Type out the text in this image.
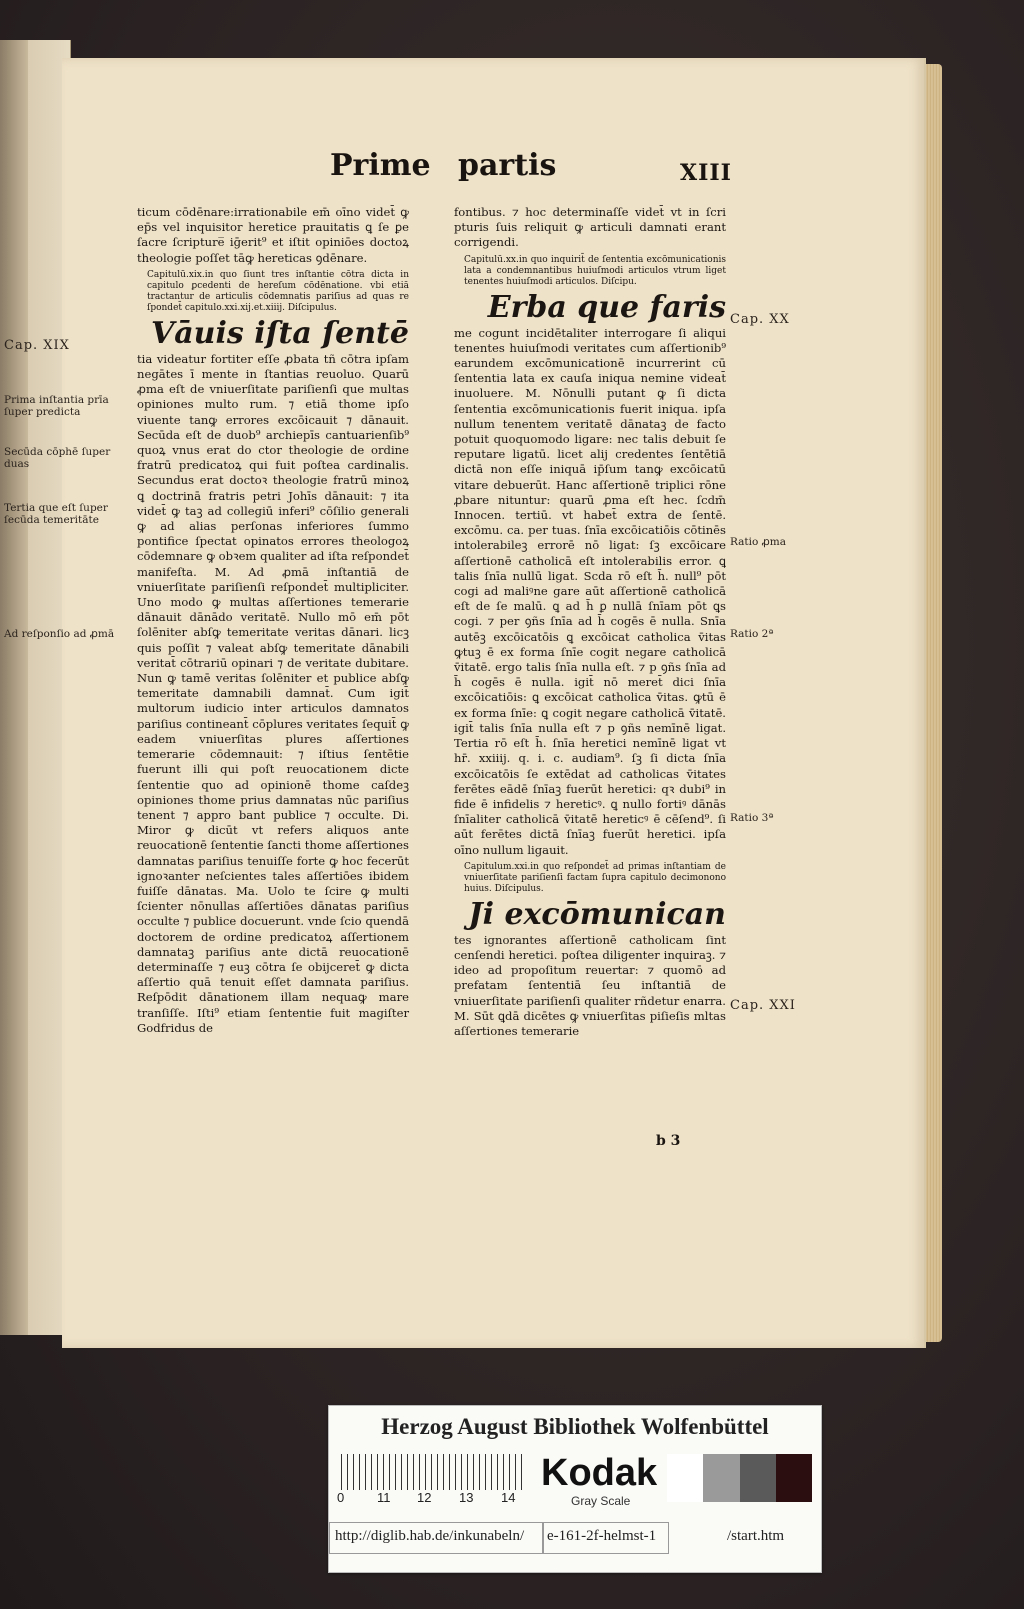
Prime partis	XIII

ticum cōdēnare:irrationabile em̄ oīno videt̄ ꝙ ep̄s vel inquisitor heretice prauitatis ꝗ ſe ꝑe ſacre ſcripture̅ iḡerit⁹ et iſtit opiniōes doctoꝝ theologie poſſet tāꝙ hereticas ꝯdēnare.

Capitulū.xix.in quo ſiunt tres inſtantie cōtra dicta in capitulo ꝑcedenti de hereſum cōdēnatione. vbi etiā tractantur de articulis cōdemnatis pariſius ad quas re ſpondet̄ capitulo.xxi.xij.et.xiiij. Diſcipulus.

Vāuis iſta ſentē

tia videatur fortiter eſſe ꝓbata tñ cōtra ipſam negātes ī mente in ſtantias reuoluo. Quarū ꝓma eſt de vniuerſitate pariſienſi que multas opiniones multo rum. ⁊ etiā thome ipſo viuente tanꝙ errores excōicauit ⁊ dānauit. Secūda eſt de duob⁹ archiepīs cantuarienſib⁹ quoꝝ vnus erat do ctor theologie de ordine fratrū predicatoꝝ qui fuit poſtea cardinalis. Secundus erat doctoꝛ theologie fratrū minoꝝ ꝗ doctrinā fratris petri Johīs dānauit: ⁊ ita videt̄ ꝙ taꝫ ad collegiū inferi⁹ cōſilio generali ꝙ ad alias perſonas inferiores ſummo pontifice ſpectat opinatos errores theologoꝝ cōdemnare ꝙ obꝛem qualiter ad iſta reſpondet̄ manifeſta. M. Ad ꝓmā inſtantiā de vniuerſitate pariſienſi reſpondet̄ multipliciter. Uno modo ꝙ multas aſſertiones temerarie dānauit dānādo veritatē. Nullo mō em̄ pōt ſolēniter abſꝙ temeritate veritas dānari. licꝫ quis poſſit ⁊ valeat abſꝙ temeritate dānabili veritat̄ cōtrariū opinari ⁊ de veritate dubitare. Nun ꝙ tamē veritas ſolēniter et publice abſꝙ temeritate damnabili damnat̄. Cum igit̄ multorum iudicio inter articulos damnatos pariſius contineant̄ cōplures veritates ſequit̄ ꝙ eadem vniuerſitas plures aſſertiones temerarie cōdemnauit: ⁊ iſtius ſentētie fuerunt illi qui poſt reuocationem dicte ſententie quo ad opinionē thome caſdeꝫ opiniones thome prius damnatas nūc pariſius tenent ⁊ appro bant publice ⁊ occulte. Di. Miror ꝙ dicūt vt refers aliquos ante reuocationē ſententie ſancti thome aſſertiones damnatas pariſius tenuiſſe forte ꝙ hoc fecerūt ignoꝛanter neſcientes tales aſſertiōes ibidem fuiſſe dānatas. Ma. Uolo te ſcire ꝙ multi ſcienter nōnullas aſſertiōes dānatas pariſius occulte ⁊ publice docuerunt. vnde ſcio quendā doctorem de ordine predicatoꝝ aſſertionem damnataꝫ pariſius ante dictā reuocationē determinaſſe ⁊ euꝫ cōtra ſe obijceret̄ ꝙ dicta aſſertio quā tenuit eſſet damnata pariſius. Reſpōdit dānationem illam nequaꝙ mare tranſiſſe. Iſti⁹ etiam ſententie fuit magiſter Godfridus de

fontibus. ⁊ hoc determinaſſe videt̄ vt in ſcri pturis ſuis reliquit ꝙ articuli damnati erant corrigendi.

Capitulū.xx.in quo inquirit̄ de ſententia excōmunicationis lata a condemnantibus huiuſmodi articulos vtrum liget tenentes huiuſmodi articulos. Diſcipu.

Erba que faris

me cogunt incidētaliter interrogare ſi aliqui tenentes huiuſmodi veritates cum aſſertionib⁹ earundem excōmunicationē incurrerint cū ſententia lata ex cauſa iniqua nemine videat̄ inuoluere. M. Nōnulli putant ꝙ ſi dicta ſententia excōmunicationis fuerit iniqua. ipſa nullum tenentem veritatē dānataꝫ de facto potuit quoquomodo ligare: nec talis debuit ſe reputare ligatū. licet alij credentes ſentētiā dictā non eſſe iniquā ip̄ſum tanꝙ excōicatū vitare debuerūt. Hanc aſſertionē triplici rōne ꝓbare nituntur: quarū ꝓma eſt hec. ſcdm̄ Innocen. tertiū. vt habet̄ extra de ſentē. excōmu. ca. per tuas. ſnīa excōicatiōis cōtinēs intolerabileꝫ errorē nō ligat: ſꝫ excōicare aſſertionē catholicā eſt intolerabilis error. ꝗ talis ſnīa nullū ligat. Scda rō eſt h̄. null⁹ pōt cogi ad maliꝰne gare aūt aſſertionē catholicā eſt de ſe malū. ꝗ ad h̄ ꝑ nullā ſnīam pōt ꝗs cogi. ⁊ per ꝯñs ſnīa ad h̄ cogēs ē nulla. Snīa autēꝫ excōicatōis ꝗ excōicat catholica v̄itas ꝙtuꝫ ē ex forma ſnīe cogit negare catholicā v̄itatē. ergo talis ſnīa nulla eſt. ⁊ p ꝯñs ſnīa ad h̄ cogēs ē nulla. igit̄ nō meret̄ dici ſnīa excōicatiōis: ꝗ excōicat catholica v̄itas. ꝙtū ē ex forma ſnīe: ꝗ cogit negare catholicā v̄itatē. igit̄ talis ſnīa nulla eſt ⁊ p ꝯñs nemīnē ligat. Tertia rō eſt h̄. ſnīa heretici nemīnē ligat vt hr̄. xxiiij. q. i. c. audiam⁹. ſꝫ ſi dicta ſnīa excōicatōis ſe extēdat ad catholicas v̄itates ferētes eādē ſnīaꝫ fuerūt heretici: qꝛ dubi⁹ in fide ē infidelis ⁊ hereticꝰ. ꝗ nullo fortiꝰ dānās ſnīaliter catholicā v̄itatē hereticꝰ ē cēſend⁹. ſi aūt ferētes dictā ſnīaꝫ fuerūt heretici. ipſa oīno nullum ligauit.

Capitulum.xxi.in quo reſpondet̄ ad primas inſtantiam de vniuerſitate pariſienſi factam ſupra capitulo decimonono huius. Diſcipulus.

Ji excōmunican

tes ignorantes aſſertionē catholicam ſint cenſendi heretici. poſtea diligenter inquiraꝫ. ⁊ ideo ad propoſitum reuertar: ⁊ quomō ad prefatam ſententiā ſeu inſtantiā de vniuerſitate pariſienſi qualiter rñdetur enarra. M. Sūt ꝗdā dicētes ꝙ vniuerſitas piſieſis mltas aſſertiones temerarie

b 3
Cap. XIX
Prima inſtantia prīa ſuper predicta
Secūda cōphē ſuper duas
Tertia que eſt ſuper ſecūda temeritāte
Ad reſponſio ad ꝓmā
Cap. XX
Ratio ꝓma
Ratio 2ª
Ratio 3ª
Cap. XXI
Herzog August Bibliothek Wolfenbüttel
0	11 12 13 14
Kodak
Gray Scale
http://diglib.hab.de/inkunabeln/ e-161-2f-helmst-1	/start.htm
